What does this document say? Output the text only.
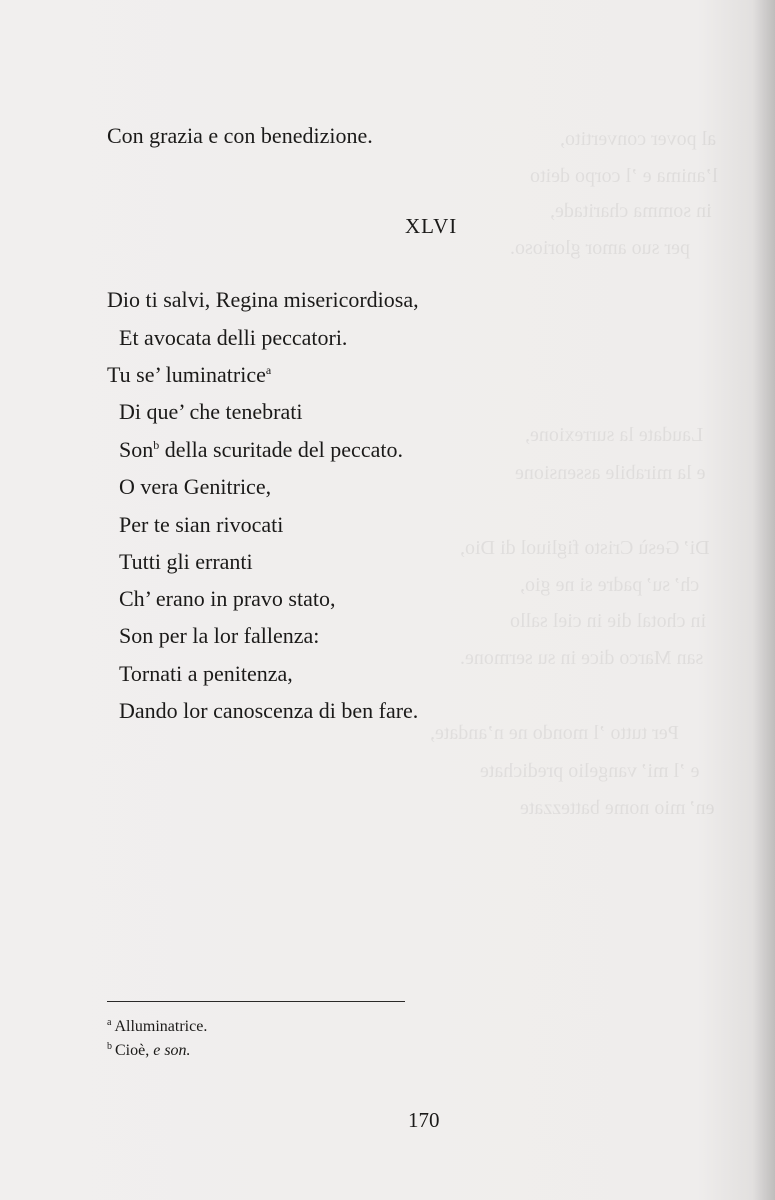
al pover convertito,
l’anima e ’l corpo deito
in somma charitade,
per suo amor glorioso.
Laudate la surrexione,
e la mirabile assensione
Di’ Gesù Cristo figliuol di Dio,
ch’ su’ padre si ne gio,
in chotal die in ciel sallo
san Marco dice in su sermone.
Per tutto ’l mondo ne n’andate,
e ’l mi’ vangelio predichate
en’ mio nome battezzate
Con grazia e con benedizione.
XLVI
Dio ti salvi, Regina misericordiosa,
Et avocata delli peccatori.
Tu se’ luminatrice$^a$
Di que’ che tenebrati
Son$^b$ della scuritade del peccato.
O vera Genitrice,
Per te sian rivocati
Tutti gli erranti
Ch’ erano in pravo stato,
Son per la lor fallenza:
Tornati a penitenza,
Dando lor canoscenza di ben fare.
$^a$ Alluminatrice.
$^b$ Cioè, e son.
170
